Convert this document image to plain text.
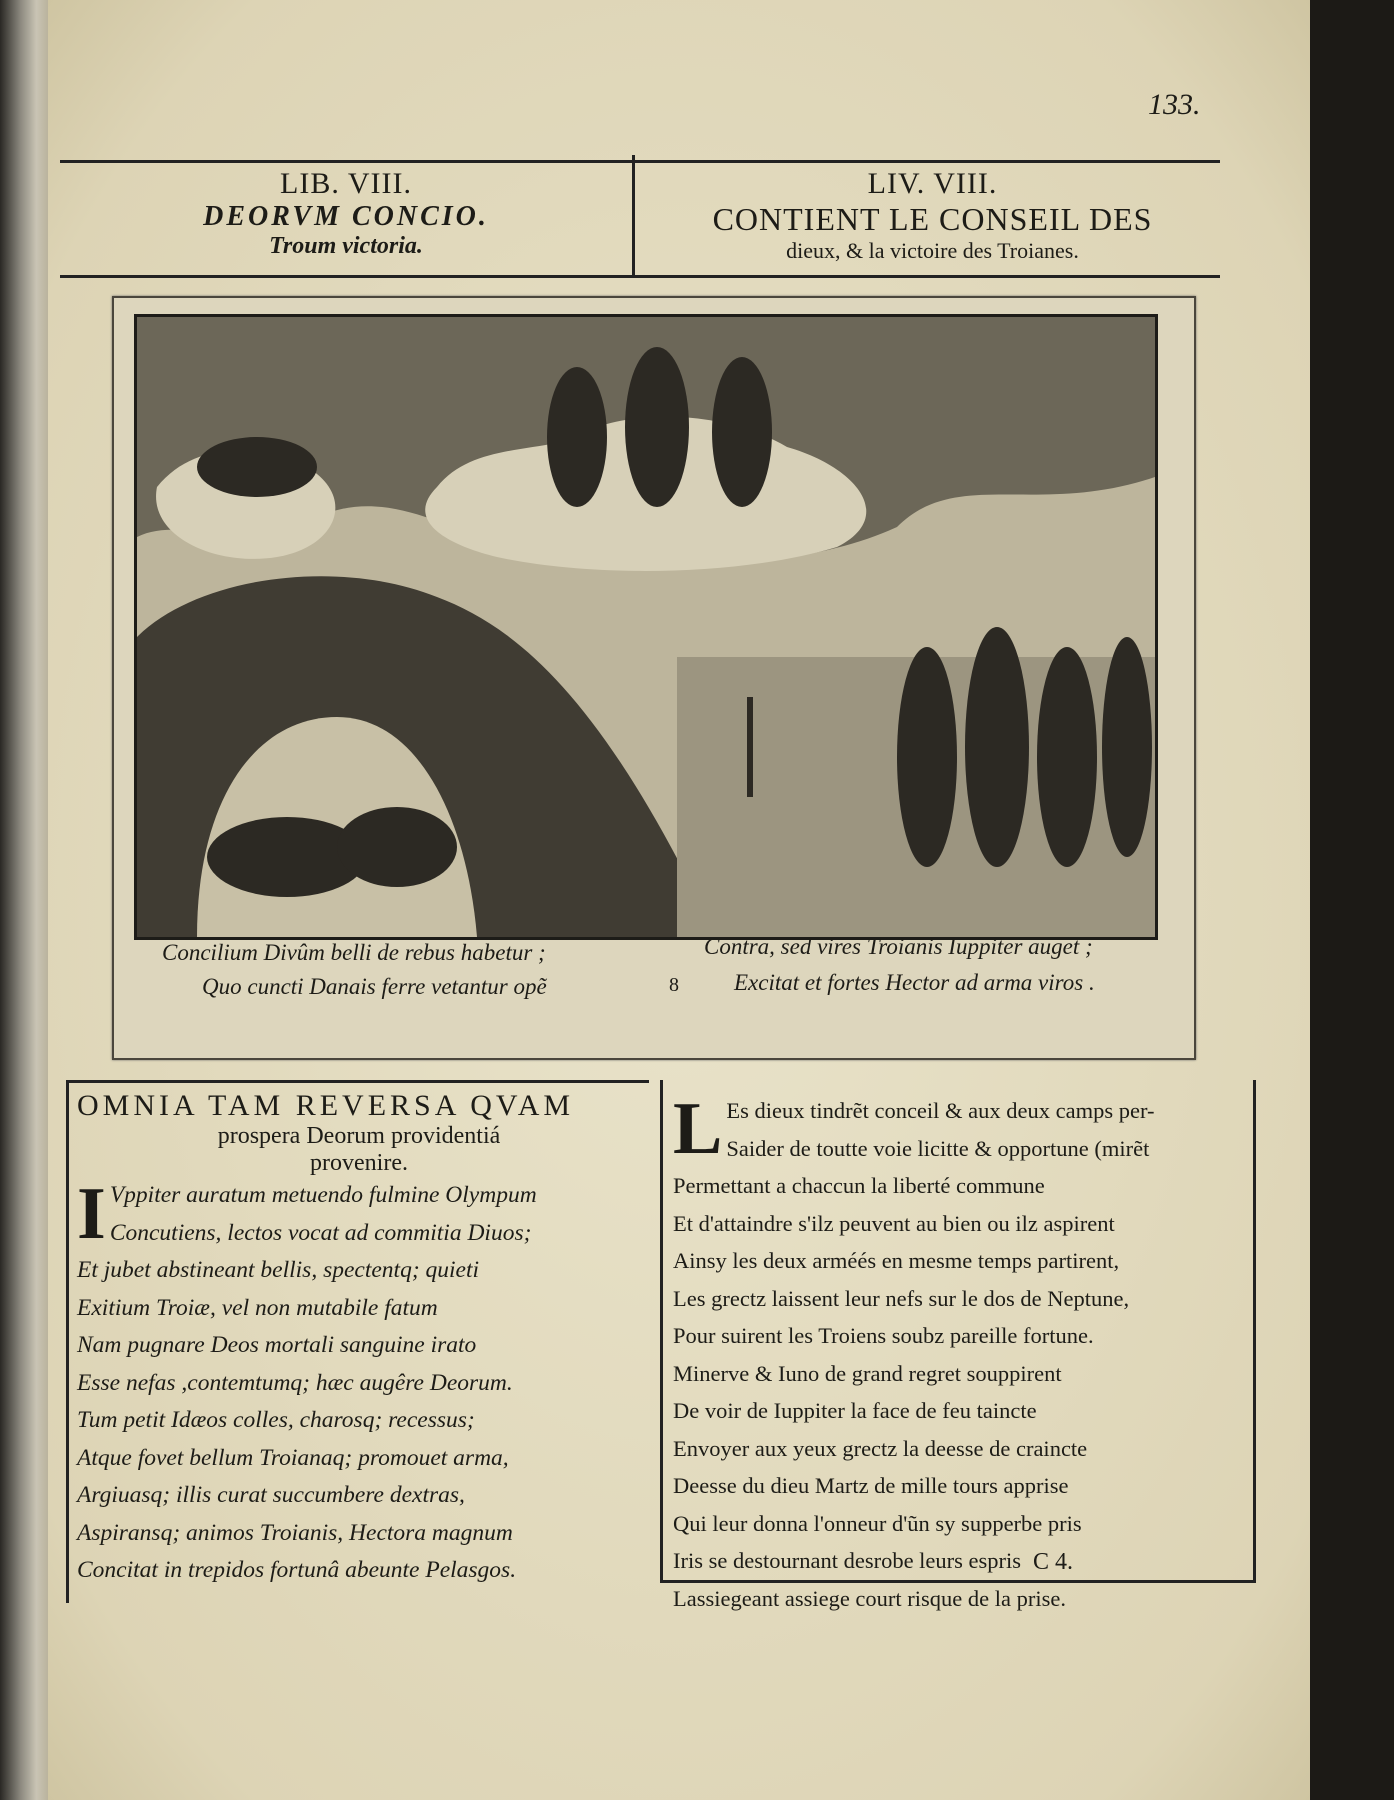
133.
LIB. VIII.
DEORVM CONCIO.
Troum victoria.
LIV. VIII.
CONTIENT LE CONSEIL DES
dieux, & la victoire des Troianes.
Concilium Divûm belli de rebus habetur ;
Quo cuncti Danais ferre vetantur opẽ	8
Contra, sed vires Troianis Iuppiter auget ;
Excitat et fortes Hector ad arma viros .
OMNIA TAM REVERSA QVAM
prospera Deorum providentiá
provenire.
I Vppiter auratum metuendo fulmine Olympum
Concutiens, lectos vocat ad commitia Diuos;
Et jubet abstineant bellis, spectentq; quieti
Exitium Troiæ, vel non mutabile fatum
Nam pugnare Deos mortali sanguine irato
Esse nefas ,contemtumq; hæc augêre Deorum.
Tum petit Idæos colles, charosq; recessus;
Atque fovet bellum Troianaq; promouet arma,
Argiuasq; illis curat succumbere dextras,
Aspiransq; animos Troianis, Hectora magnum
Concitat in trepidos fortunâ abeunte Pelasgos.
L Es dieux tindrẽt conceil & aux deux camps per-
Saider de toutte voie licitte & opportune (mirẽt
Permettant a chaccun la liberté commune
Et d'attaindre s'ilz peuvent au bien ou ilz aspirent
Ainsy les deux arméés en mesme temps partirent,
Les grectz laissent leur nefs sur le dos de Neptune,
Pour suirent les Troiens soubz pareille fortune.
Minerve & Iuno de grand regret souppirent
De voir de Iuppiter la face de feu taincte
Envoyer aux yeux grectz la deesse de craincte
Deesse du dieu Martz de mille tours apprise
Qui leur donna l'onneur d'ũn sy supperbe pris
Iris se destournant desrobe leurs espris
Lassiegeant assiege court risque de la prise.
C 4.
